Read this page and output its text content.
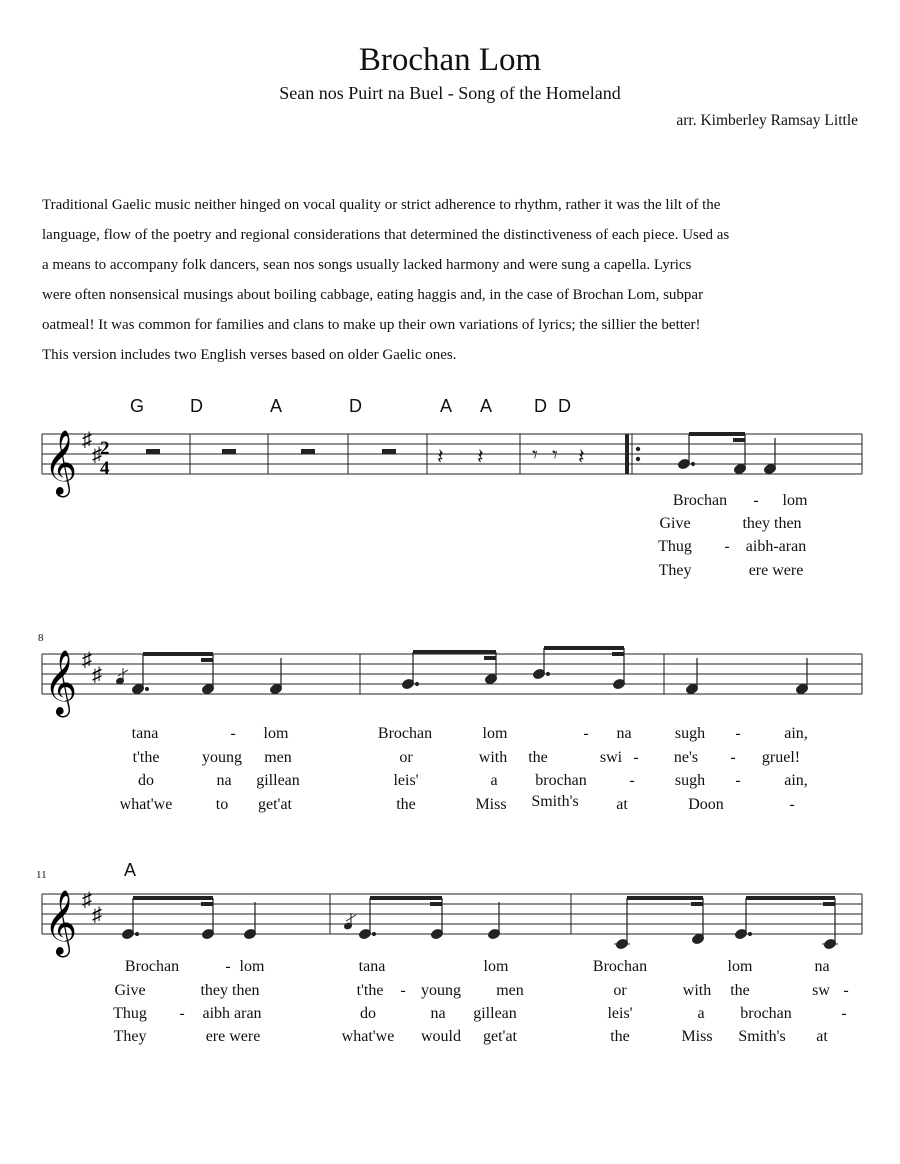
Brochan Lom
Sean nos Puirt na Buel - Song of the Homeland
arr. Kimberley Ramsay Little
Traditional Gaelic music neither hinged on vocal quality or strict adherence to rhythm, rather it was the lilt of the
language, flow of the poetry and regional considerations that determined the distinctiveness of each piece. Used as
a means to accompany folk dancers, sean nos songs usually lacked harmony and were sung a capella. Lyrics
were often nonsensical musings about boiling cabbage, eating haggis and, in the case of Brochan Lom, subpar
oatmeal! It was common for families and clans to make up their own variations of lyrics; the sillier the better!
This version includes two English verses based on older Gaelic ones.
G	D	A	D	A A D D
𝄞 ♯
♯
2
4	𝄽 𝄽 𝄾 𝄾 𝄽
Brochan - lom
Give	they then
Thug - aibh-aran
They	ere were
8
𝄞 ♯
♯
tana	- lom	Brochan	lom	- na	sugh -	ain,
t'the	young men	or	with the	swi - ne's - gruel!
do	na gillean	leis'	a brochan	-	sugh -	ain,
what'we	to get'at	the	Miss Smith's at	Doon	-
11	A
𝄞 ♯
♯
Brochan	- lom	tana	lom	Brochan	lom	na
Give	they then	t'the - young men	or	with the	sw -
Thug - aibh aran	do	na gillean	leis'	a brochan	-
They	ere were	what'we would get'at	the	Miss Smith's at
